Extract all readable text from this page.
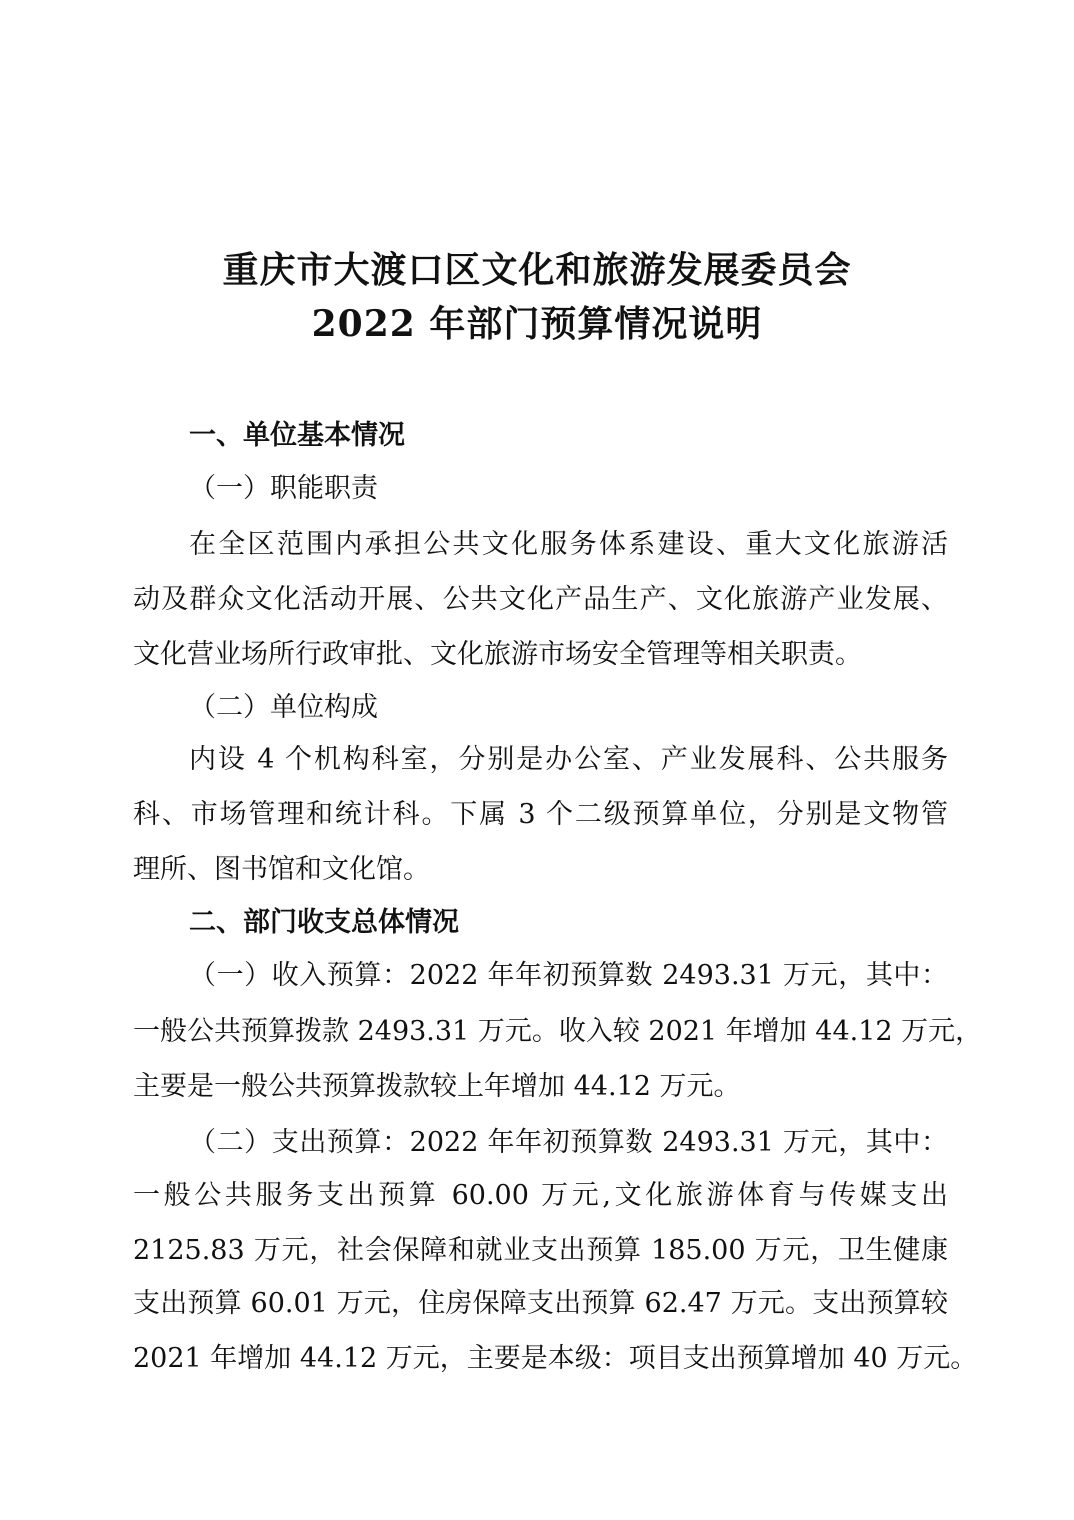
重庆市大渡口区文化和旅游发展委员会
2022 年部门预算情况说明
一、单位基本情况
（一）职能职责
在全区范围内承担公共文化服务体系建设、重大文化旅游活
动及群众文化活动开展、公共文化产品生产、文化旅游产业发展、
文化营业场所行政审批、文化旅游市场安全管理等相关职责。
（二）单位构成
内设 4 个机构科室，分别是办公室、产业发展科、公共服务
科、市场管理和统计科。下属 3 个二级预算单位，分别是文物管
理所、图书馆和文化馆。
二、部门收支总体情况
（一）收入预算：2022 年年初预算数 2493.31 万元，其中：
一般公共预算拨款 2493.31 万元。收入较 2021 年增加 44.12 万元，
主要是一般公共预算拨款较上年增加 44.12 万元。
（二）支出预算：2022 年年初预算数 2493.31 万元，其中：
一般公共服务支出预算 60.00 万元,文化旅游体育与传媒支出
2125.83 万元，社会保障和就业支出预算 185.00 万元，卫生健康
支出预算 60.01 万元，住房保障支出预算 62.47 万元。支出预算较
2021 年增加 44.12 万元，主要是本级：项目支出预算增加 40 万元。
